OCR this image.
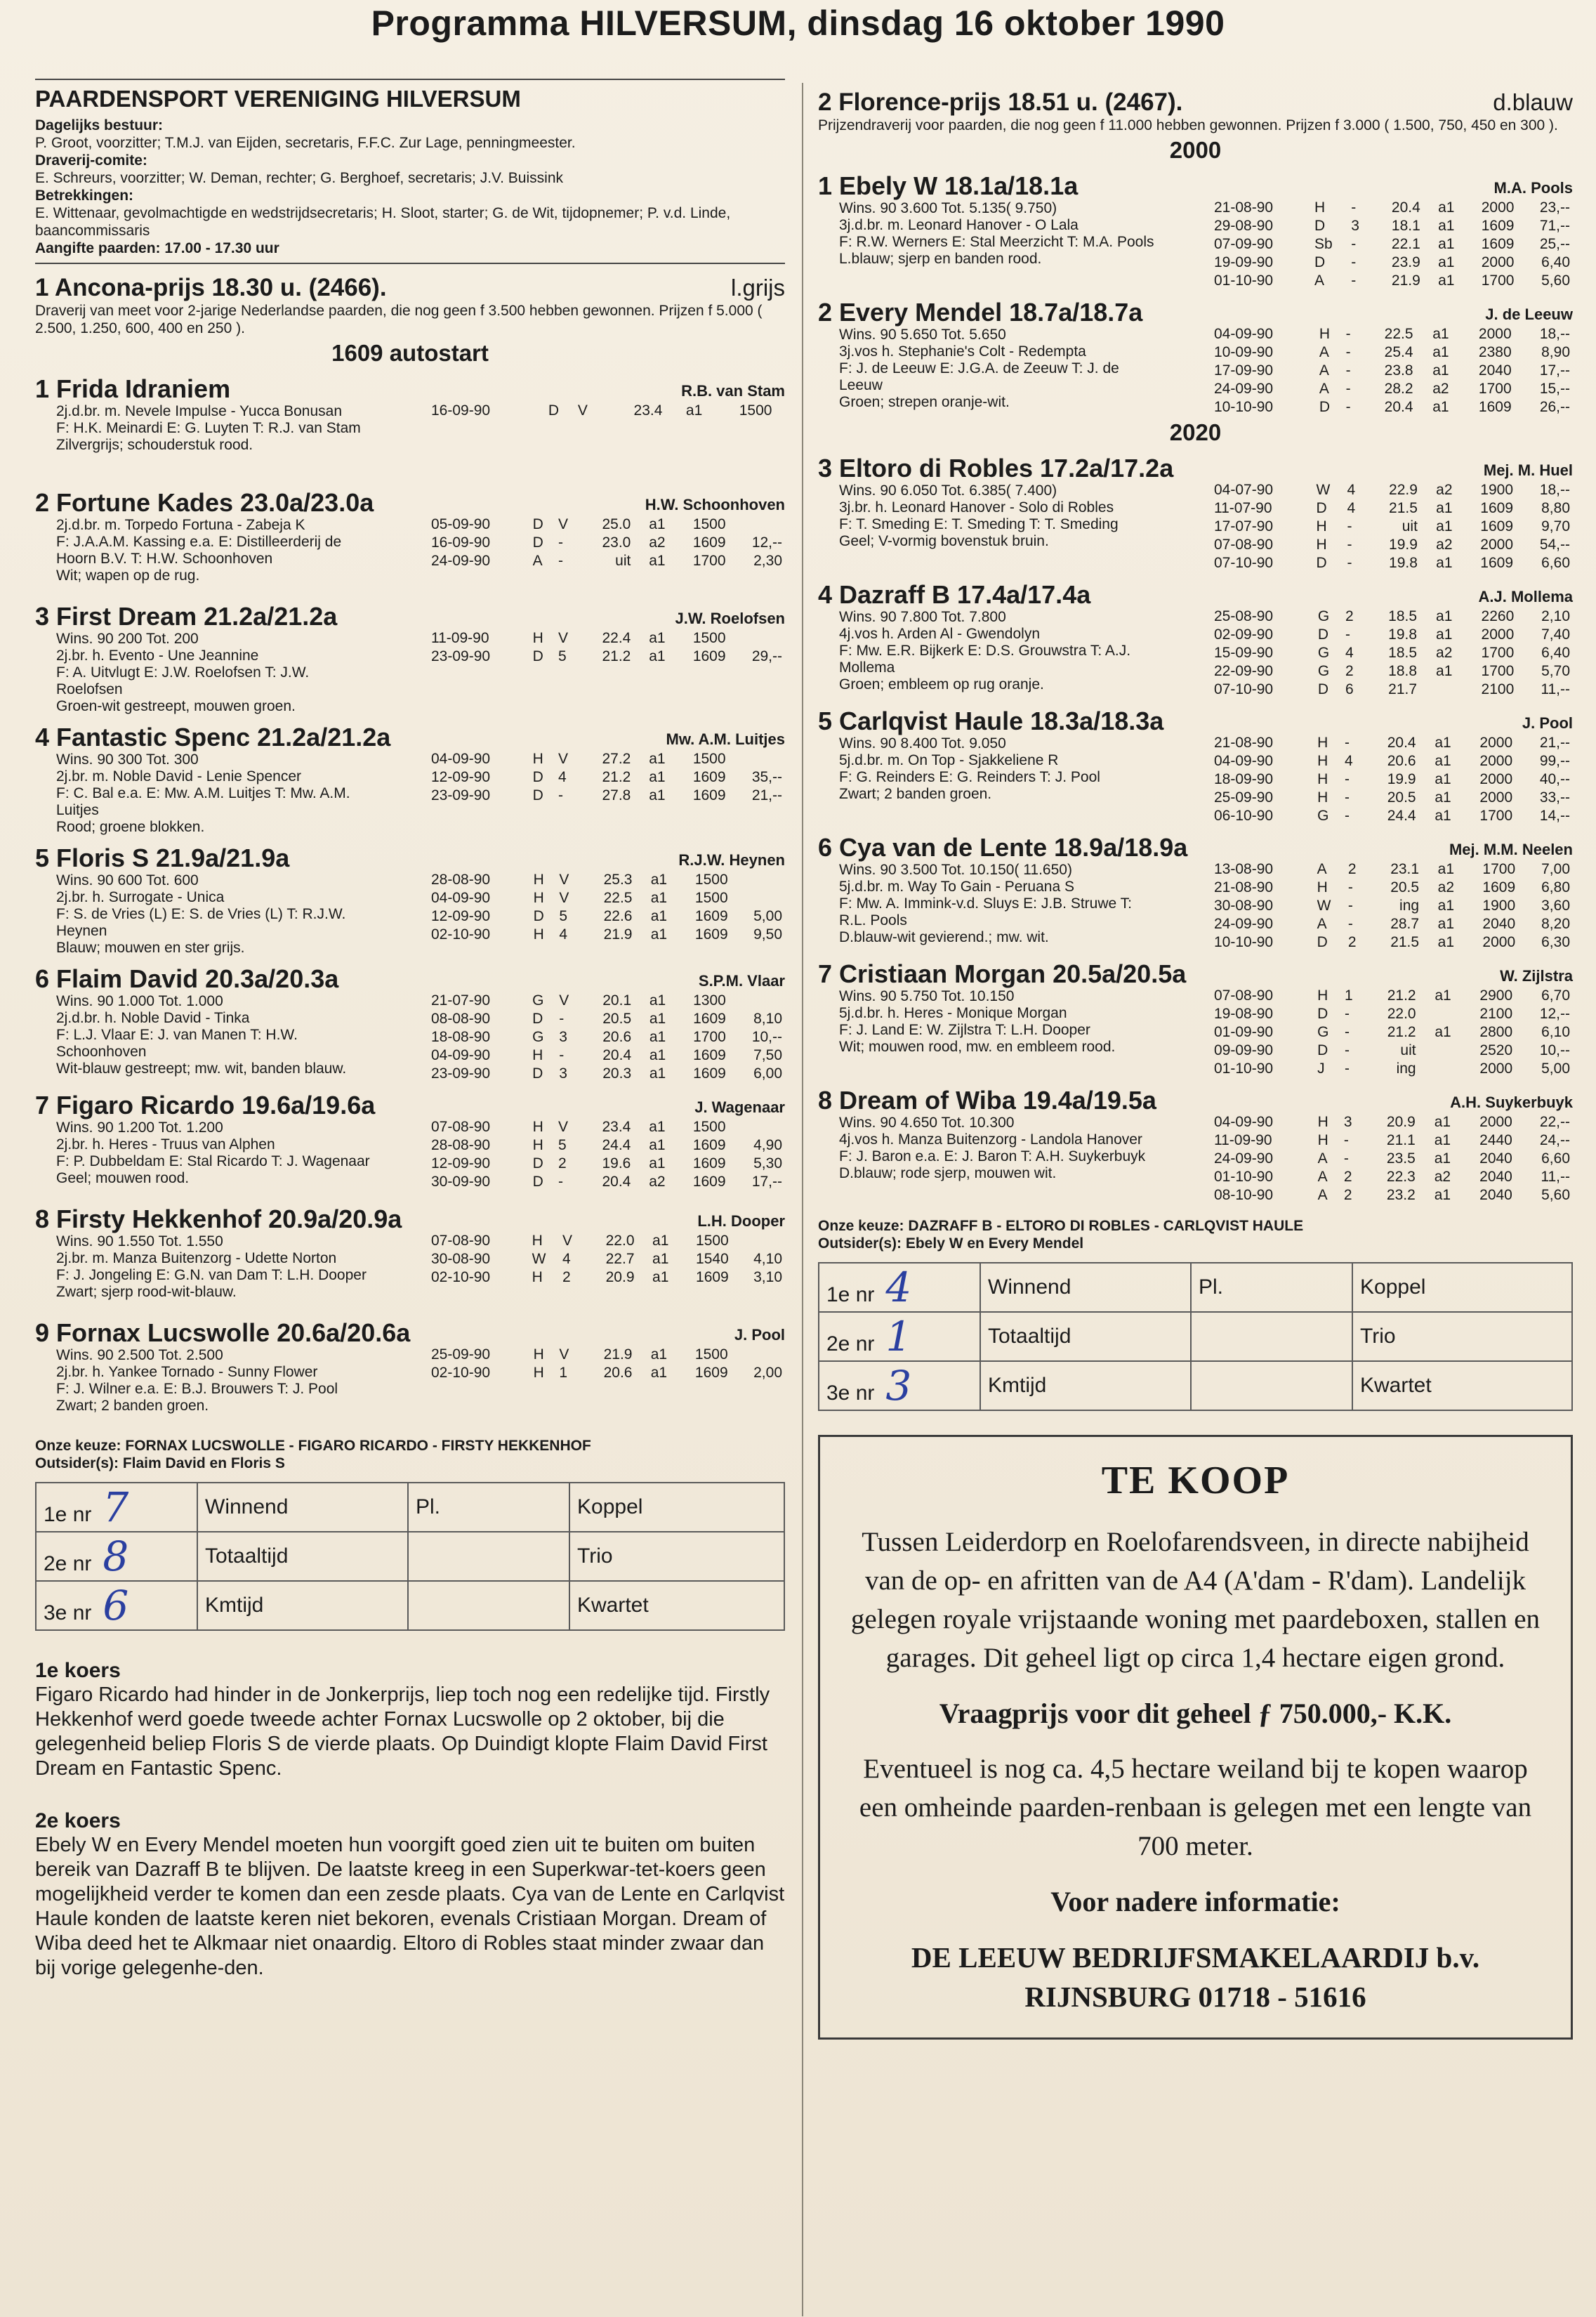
Programma HILVERSUM, dinsdag 16 oktober 1990
PAARDENSPORT VERENIGING HILVERSUM
Dagelijks bestuur:
P. Groot, voorzitter; T.M.J. van Eijden, secretaris, F.F.C. Zur Lage, penningmeester.
Draverij-comite:
E. Schreurs, voorzitter; W. Deman, rechter; G. Berghoef, secretaris; J.V. Buissink
Betrekkingen:
E. Wittenaar, gevolmachtigde en wedstrijdsecretaris; H. Sloot, starter; G. de Wit, tijdopnemer; P. v.d. Linde, baancommissaris
Aangifte paarden: 17.00 - 17.30 uur
1 Ancona-prijs 18.30 u. (2466).	l.grijs
Draverij van meet voor 2-jarige Nederlandse paarden, die nog geen f 3.500 hebben gewonnen. Prijzen f 5.000 ( 2.500, 1.250, 600, 400 en 250 ).
1609 autostart
1 Frida Idraniem
2j.d.br. m. Nevele Impulse - Yucca Bonusan
F: H.K. Meinardi E: G. Luyten T: R.J. van Stam
Zilvergrijs; schouderstuk rood.
R.B. van Stam
16-09-90	D	V	23.4	a1	1500	
2 Fortune Kades 23.0a/23.0a
2j.d.br. m. Torpedo Fortuna - Zabeja K
F: J.A.A.M. Kassing e.a. E: Distilleerderij de
Hoorn B.V. T: H.W. Schoonhoven
Wit; wapen op de rug.
H.W. Schoonhoven
05-09-90	D	V	25.0	a1	1500	
16-09-90	D	-	23.0	a2	1609	12,--
24-09-90	A	-	uit	a1	1700	2,30
3 First Dream 21.2a/21.2a
Wins. 90 200 Tot. 200
2j.br. h. Evento - Une Jeannine
F: A. Uitvlugt E: J.W. Roelofsen T: J.W.
Roelofsen
Groen-wit gestreept, mouwen groen.
J.W. Roelofsen
11-09-90	H	V	22.4	a1	1500	
23-09-90	D	5	21.2	a1	1609	29,--
4 Fantastic Spenc 21.2a/21.2a
Wins. 90 300 Tot. 300
2j.br. m. Noble David - Lenie Spencer
F: C. Bal e.a. E: Mw. A.M. Luitjes T: Mw. A.M.
Luitjes
Rood; groene blokken.
Mw. A.M. Luitjes
04-09-90	H	V	27.2	a1	1500	
12-09-90	D	4	21.2	a1	1609	35,--
23-09-90	D	-	27.8	a1	1609	21,--
5 Floris S 21.9a/21.9a
Wins. 90 600 Tot. 600
2j.br. h. Surrogate - Unica
F: S. de Vries (L) E: S. de Vries (L) T: R.J.W.
Heynen
Blauw; mouwen en ster grijs.
R.J.W. Heynen
28-08-90	H	V	25.3	a1	1500	
04-09-90	H	V	22.5	a1	1500	
12-09-90	D	5	22.6	a1	1609	5,00
02-10-90	H	4	21.9	a1	1609	9,50
6 Flaim David 20.3a/20.3a
Wins. 90 1.000 Tot. 1.000
2j.d.br. h. Noble David - Tinka
F: L.J. Vlaar E: J. van Manen T: H.W.
Schoonhoven
Wit-blauw gestreept; mw. wit, banden blauw.
S.P.M. Vlaar
21-07-90	G	V	20.1	a1	1300	
08-08-90	D	-	20.5	a1	1609	8,10
18-08-90	G	3	20.6	a1	1700	10,--
04-09-90	H	-	20.4	a1	1609	7,50
23-09-90	D	3	20.3	a1	1609	6,00
7 Figaro Ricardo 19.6a/19.6a
Wins. 90 1.200 Tot. 1.200
2j.br. h. Heres - Truus van Alphen
F: P. Dubbeldam E: Stal Ricardo T: J. Wagenaar
Geel; mouwen rood.
J. Wagenaar
07-08-90	H	V	23.4	a1	1500	
28-08-90	H	5	24.4	a1	1609	4,90
12-09-90	D	2	19.6	a1	1609	5,30
30-09-90	D	-	20.4	a2	1609	17,--
8 Firsty Hekkenhof 20.9a/20.9a
Wins. 90 1.550 Tot. 1.550
2j.br. m. Manza Buitenzorg - Udette Norton
F: J. Jongeling E: G.N. van Dam T: L.H. Dooper
Zwart; sjerp rood-wit-blauw.
L.H. Dooper
07-08-90	H	V	22.0	a1	1500	
30-08-90	W	4	22.7	a1	1540	4,10
02-10-90	H	2	20.9	a1	1609	3,10
9 Fornax Lucswolle 20.6a/20.6a
Wins. 90 2.500 Tot. 2.500
2j.br. h. Yankee Tornado - Sunny Flower
F: J. Wilner e.a. E: B.J. Brouwers T: J. Pool
Zwart; 2 banden groen.
J. Pool
25-09-90	H	V	21.9	a1	1500	
02-10-90	H	1	20.6	a1	1609	2,00
Onze keuze: FORNAX LUCSWOLLE - FIGARO RICARDO - FIRSTY HEKKENHOF
Outsider(s): Flaim David en Floris S
1e nr 7	Winnend	Pl.	Koppel
2e nr 8	Totaaltijd		Trio
3e nr 6	Kmtijd		Kwartet
1e koers
Figaro Ricardo had hinder in de Jonkerprijs, liep toch nog een redelijke tijd. Firstly Hekkenhof werd goede tweede achter Fornax Lucswolle op 2 oktober, bij die gelegenheid beliep Floris S de vierde plaats. Op Duindigt klopte Flaim David First Dream en Fantastic Spenc.
2e koers
Ebely W en Every Mendel moeten hun voorgift goed zien uit te buiten om buiten bereik van Dazraff B te blijven. De laatste kreeg in een Superkwar-tet-koers geen mogelijkheid verder te komen dan een zesde plaats. Cya van de Lente en Carlqvist Haule konden de laatste keren niet bekoren, evenals Cristiaan Morgan. Dream of Wiba deed het te Alkmaar niet onaardig. Eltoro di Robles staat minder zwaar dan bij vorige gelegenhe-den.
2 Florence-prijs 18.51 u. (2467).	d.blauw
Prijzendraverij voor paarden, die nog geen f 11.000 hebben gewonnen. Prijzen f 3.000 ( 1.500, 750, 450 en 300 ).
2000
1 Ebely W 18.1a/18.1a
Wins. 90 3.600 Tot. 5.135( 9.750)
3j.d.br. m. Leonard Hanover - O Lala
F: R.W. Werners E: Stal Meerzicht T: M.A. Pools
L.blauw; sjerp en banden rood.
M.A. Pools
21-08-90	H	-	20.4	a1	2000	23,--
29-08-90	D	3	18.1	a1	1609	71,--
07-09-90	Sb	-	22.1	a1	1609	25,--
19-09-90	D	-	23.9	a1	2000	6,40
01-10-90	A	-	21.9	a1	1700	5,60
2 Every Mendel 18.7a/18.7a
Wins. 90 5.650 Tot. 5.650
3j.vos h. Stephanie's Colt - Redempta
F: J. de Leeuw E: J.G.A. de Zeeuw T: J. de
Leeuw
Groen; strepen oranje-wit.
J. de Leeuw
04-09-90	H	-	22.5	a1	2000	18,--
10-09-90	A	-	25.4	a1	2380	8,90
17-09-90	A	-	23.8	a1	2040	17,--
24-09-90	A	-	28.2	a2	1700	15,--
10-10-90	D	-	20.4	a1	1609	26,--
2020
3 Eltoro di Robles 17.2a/17.2a
Wins. 90 6.050 Tot. 6.385( 7.400)
3j.br. h. Leonard Hanover - Solo di Robles
F: T. Smeding E: T. Smeding T: T. Smeding
Geel; V-vormig bovenstuk bruin.
Mej. M. Huel
04-07-90	W	4	22.9	a2	1900	18,--
11-07-90	D	4	21.5	a1	1609	8,80
17-07-90	H	-	uit	a1	1609	9,70
07-08-90	H	-	19.9	a2	2000	54,--
07-10-90	D	-	19.8	a1	1609	6,60
4 Dazraff B 17.4a/17.4a
Wins. 90 7.800 Tot. 7.800
4j.vos h. Arden Al - Gwendolyn
F: Mw. E.R. Bijkerk E: D.S. Grouwstra T: A.J.
Mollema
Groen; embleem op rug oranje.
A.J. Mollema
25-08-90	G	2	18.5	a1	2260	2,10
02-09-90	D	-	19.8	a1	2000	7,40
15-09-90	G	4	18.5	a2	1700	6,40
22-09-90	G	2	18.8	a1	1700	5,70
07-10-90	D	6	21.7		2100	11,--
5 Carlqvist Haule 18.3a/18.3a
Wins. 90 8.400 Tot. 9.050
5j.d.br. m. On Top - Sjakkeliene R
F: G. Reinders E: G. Reinders T: J. Pool
Zwart; 2 banden groen.
J. Pool
21-08-90	H	-	20.4	a1	2000	21,--
04-09-90	H	4	20.6	a1	2000	99,--
18-09-90	H	-	19.9	a1	2000	40,--
25-09-90	H	-	20.5	a1	2000	33,--
06-10-90	G	-	24.4	a1	1700	14,--
6 Cya van de Lente 18.9a/18.9a
Wins. 90 3.500 Tot. 10.150( 11.650)
5j.d.br. m. Way To Gain - Peruana S
F: Mw. A. Immink-v.d. Sluys E: J.B. Struwe T:
R.L. Pools
D.blauw-wit gevierend.; mw. wit.
Mej. M.M. Neelen
13-08-90	A	2	23.1	a1	1700	7,00
21-08-90	H	-	20.5	a2	1609	6,80
30-08-90	W	-	ing	a1	1900	3,60
24-09-90	A	-	28.7	a1	2040	8,20
10-10-90	D	2	21.5	a1	2000	6,30
7 Cristiaan Morgan 20.5a/20.5a
Wins. 90 5.750 Tot. 10.150
5j.d.br. h. Heres - Monique Morgan
F: J. Land E: W. Zijlstra T: L.H. Dooper
Wit; mouwen rood, mw. en embleem rood.
W. Zijlstra
07-08-90	H	1	21.2	a1	2900	6,70
19-08-90	D	-	22.0		2100	12,--
01-09-90	G	-	21.2	a1	2800	6,10
09-09-90	D	-	uit		2520	10,--
01-10-90	J	-	ing		2000	5,00
8 Dream of Wiba 19.4a/19.5a
Wins. 90 4.650 Tot. 10.300
4j.vos h. Manza Buitenzorg - Landola Hanover
F: J. Baron e.a. E: J. Baron T: A.H. Suykerbuyk
D.blauw; rode sjerp, mouwen wit.
A.H. Suykerbuyk
04-09-90	H	3	20.9	a1	2000	22,--
11-09-90	H	-	21.1	a1	2440	24,--
24-09-90	A	-	23.5	a1	2040	6,60
01-10-90	A	2	22.3	a2	2040	11,--
08-10-90	A	2	23.2	a1	2040	5,60
Onze keuze: DAZRAFF B - ELTORO DI ROBLES - CARLQVIST HAULE
Outsider(s): Ebely W en Every Mendel
1e nr 4	Winnend	Pl.	Koppel
2e nr 1	Totaaltijd		Trio
3e nr 3	Kmtijd		Kwartet
TE KOOP
Tussen Leiderdorp en Roelofarendsveen, in directe nabijheid van de op- en afritten van de A4 (A'dam - R'dam). Landelijk gelegen royale vrijstaande woning met paardeboxen, stallen en garages. Dit geheel ligt op circa 1,4 hectare eigen grond.
Vraagprijs voor dit geheel ƒ 750.000,- K.K.
Eventueel is nog ca. 4,5 hectare weiland bij te kopen waarop een omheinde paarden-renbaan is gelegen met een lengte van 700 meter.
Voor nadere informatie:
DE LEEUW BEDRIJFSMAKELAARDIJ b.v.
RIJNSBURG 01718 - 51616
